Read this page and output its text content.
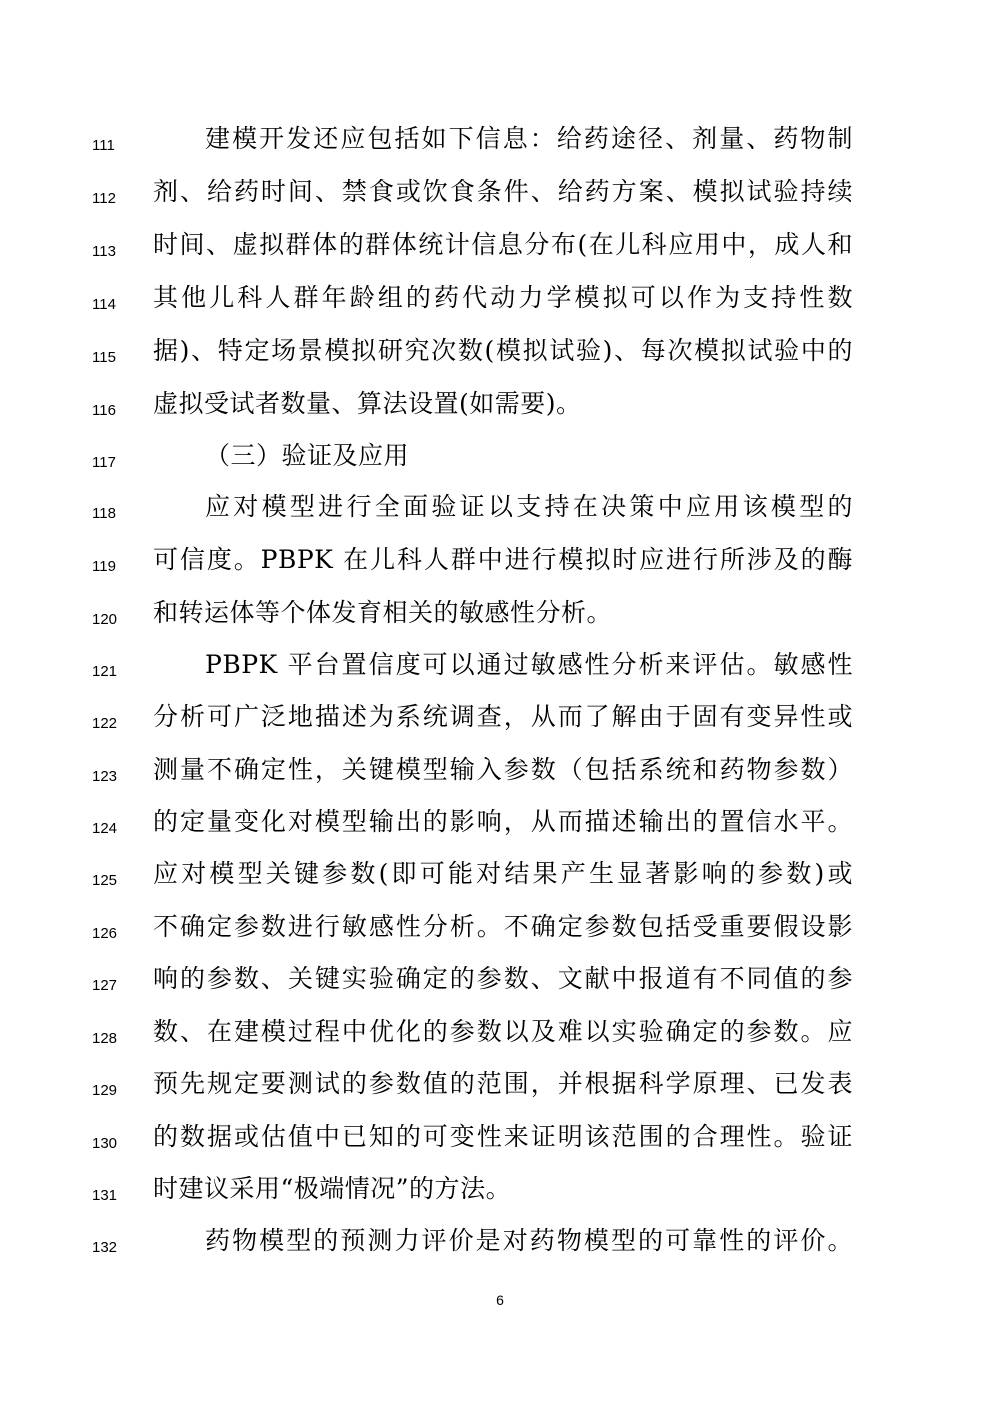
111	建模开发还应包括如下信息：给药途径、剂量、药物制
112	剂、给药时间、禁食或饮食条件、给药方案、模拟试验持续
113	时间、虚拟群体的群体统计信息分布(在儿科应用中，成人和
114	其他儿科人群年龄组的药代动力学模拟可以作为支持性数
115	据)、特定场景模拟研究次数(模拟试验)、每次模拟试验中的
116	虚拟受试者数量、算法设置(如需要)。
117	（三）验证及应用
118	应对模型进行全面验证以支持在决策中应用该模型的
119	可信度。PBPK 在儿科人群中进行模拟时应进行所涉及的酶
120	和转运体等个体发育相关的敏感性分析。
121	PBPK 平台置信度可以通过敏感性分析来评估。敏感性
122	分析可广泛地描述为系统调查，从而了解由于固有变异性或
123	测量不确定性，关键模型输入参数（包括系统和药物参数）
124	的定量变化对模型输出的影响，从而描述输出的置信水平。
125	应对模型关键参数(即可能对结果产生显著影响的参数)或
126	不确定参数进行敏感性分析。不确定参数包括受重要假设影
127	响的参数、关键实验确定的参数、文献中报道有不同值的参
128	数、在建模过程中优化的参数以及难以实验确定的参数。应
129	预先规定要测试的参数值的范围，并根据科学原理、已发表
130	的数据或估值中已知的可变性来证明该范围的合理性。验证
131	时建议采用“极端情况”的方法。
132	药物模型的预测力评价是对药物模型的可靠性的评价。
6
